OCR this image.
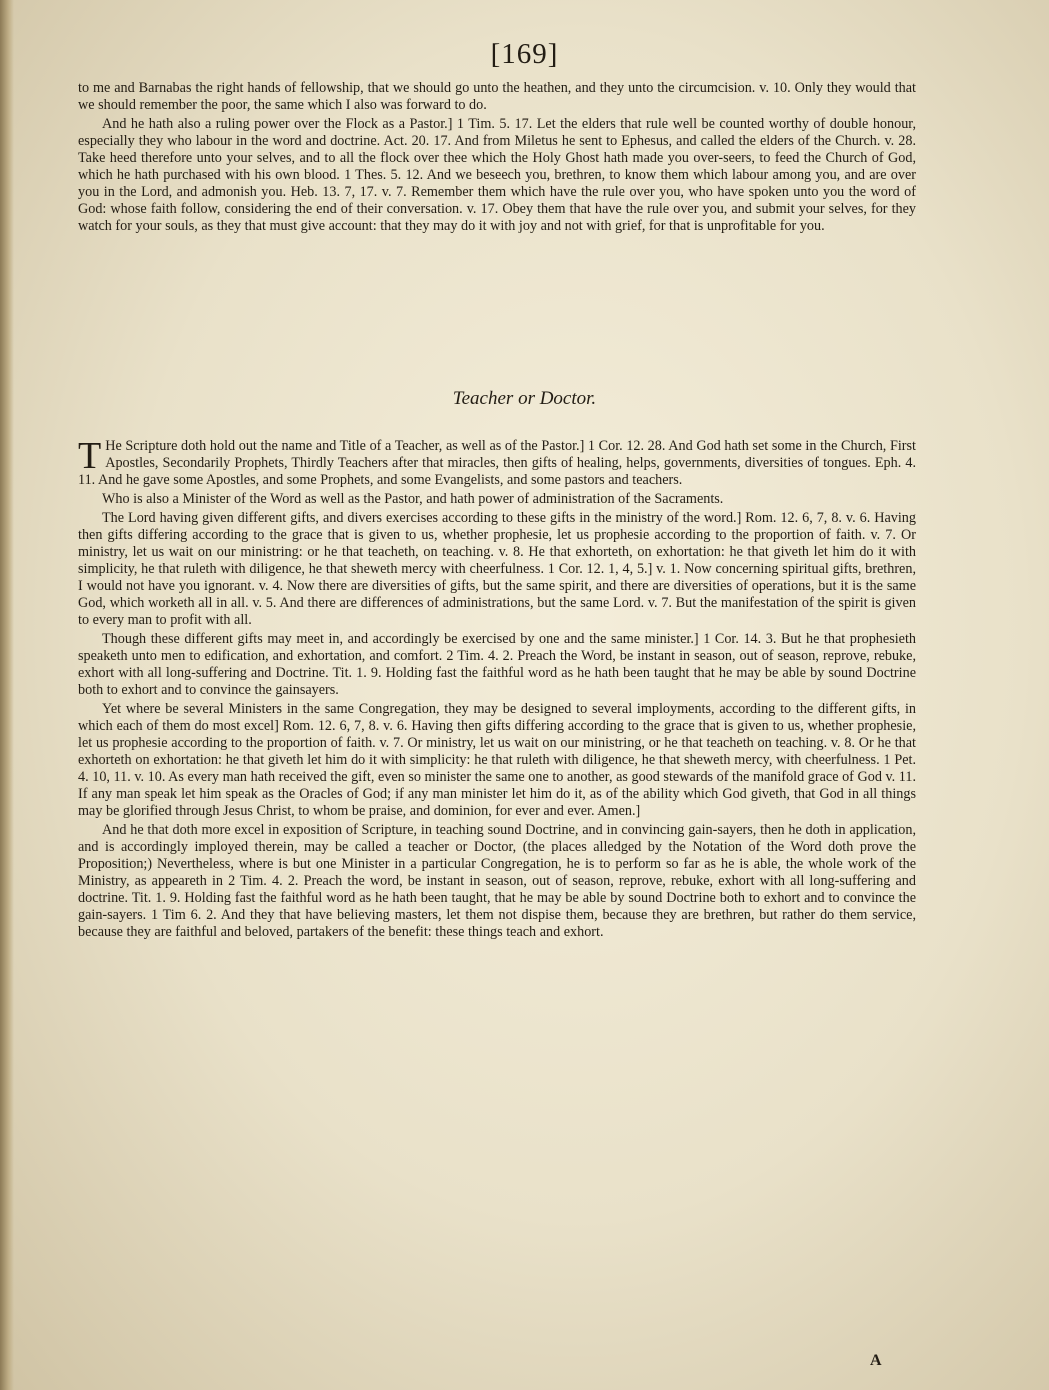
[169]

to me and Barnabas the right hands of fellowship, that we should go unto the heathen, and they unto the circumcision. v. 10. Only they would that we should remember the poor, the same which I also was forward to do.

And he hath also a ruling power over the Flock as a Pastor.] 1 Tim. 5. 17. Let the elders that rule well be counted worthy of double honour, especially they who labour in the word and doctrine. Act. 20. 17. And from Miletus he sent to Ephesus, and called the elders of the Church. v. 28. Take heed therefore unto your selves, and to all the flock over thee which the Holy Ghost hath made you over-seers, to feed the Church of God, which he hath purchased with his own blood. 1 Thes. 5. 12. And we beseech you, brethren, to know them which labour among you, and are over you in the Lord, and admonish you. Heb. 13. 7, 17. v. 7. Remember them which have the rule over you, who have spoken unto you the word of God: whose faith follow, considering the end of their conversation. v. 17. Obey them that have the rule over you, and submit your selves, for they watch for your souls, as they that must give account: that they may do it with joy and not with grief, for that is unprofitable for you.

Teacher or Doctor.

T He Scripture doth hold out the name and Title of a Teacher, as well as of the Pastor.] 1 Cor. 12. 28. And God hath set some in the Church, First Apostles, Secondarily Prophets, Thirdly Teachers after that miracles, then gifts of healing, helps, governments, diversities of tongues. Eph. 4. 11. And he gave some Apostles, and some Prophets, and some Evangelists, and some pastors and teachers.

Who is also a Minister of the Word as well as the Pastor, and hath power of administration of the Sacraments.

The Lord having given different gifts, and divers exercises according to these gifts in the ministry of the word.] Rom. 12. 6, 7, 8. v. 6. Having then gifts differing according to the grace that is given to us, whether prophesie, let us prophesie according to the proportion of faith. v. 7. Or ministry, let us wait on our ministring: or he that teacheth, on teaching. v. 8. He that exhorteth, on exhortation: he that giveth let him do it with simplicity, he that ruleth with diligence, he that sheweth mercy with cheerfulness. 1 Cor. 12. 1, 4, 5.] v. 1. Now concerning spiritual gifts, brethren, I would not have you ignorant. v. 4. Now there are diversities of gifts, but the same spirit, and there are diversities of operations, but it is the same God, which worketh all in all. v. 5. And there are differences of administrations, but the same Lord. v. 7. But the manifestation of the spirit is given to every man to profit with all.

Though these different gifts may meet in, and accordingly be exercised by one and the same minister.] 1 Cor. 14. 3. But he that prophesieth speaketh unto men to edification, and exhortation, and comfort. 2 Tim. 4. 2. Preach the Word, be instant in season, out of season, reprove, rebuke, exhort with all long-suffering and Doctrine. Tit. 1. 9. Holding fast the faithful word as he hath been taught that he may be able by sound Doctrine both to exhort and to convince the gainsayers.

Yet where be several Ministers in the same Congregation, they may be designed to several imployments, according to the different gifts, in which each of them do most excel] Rom. 12. 6, 7, 8. v. 6. Having then gifts differing according to the grace that is given to us, whether prophesie, let us prophesie according to the proportion of faith. v. 7. Or ministry, let us wait on our ministring, or he that teacheth on teaching. v. 8. Or he that exhorteth on exhortation: he that giveth let him do it with simplicity: he that ruleth with diligence, he that sheweth mercy, with cheerfulness. 1 Pet. 4. 10, 11. v. 10. As every man hath received the gift, even so minister the same one to another, as good stewards of the manifold grace of God v. 11. If any man speak let him speak as the Oracles of God; if any man minister let him do it, as of the ability which God giveth, that God in all things may be glorified through Jesus Christ, to whom be praise, and dominion, for ever and ever. Amen.]

And he that doth more excel in exposition of Scripture, in teaching sound Doctrine, and in convincing gain-sayers, then he doth in application, and is accordingly imployed therein, may be called a teacher or Doctor, (the places alledged by the Notation of the Word doth prove the Proposition;) Nevertheless, where is but one Minister in a particular Congregation, he is to perform so far as he is able, the whole work of the Ministry, as appeareth in 2 Tim. 4. 2. Preach the word, be instant in season, out of season, reprove, rebuke, exhort with all long-suffering and doctrine. Tit. 1. 9. Holding fast the faithful word as he hath been taught, that he may be able by sound Doctrine both to exhort and to convince the gain-sayers. 1 Tim 6. 2. And they that have believing masters, let them not dispise them, because they are brethren, but rather do them service, because they are faithful and beloved, partakers of the benefit: these things teach and exhort.

A
